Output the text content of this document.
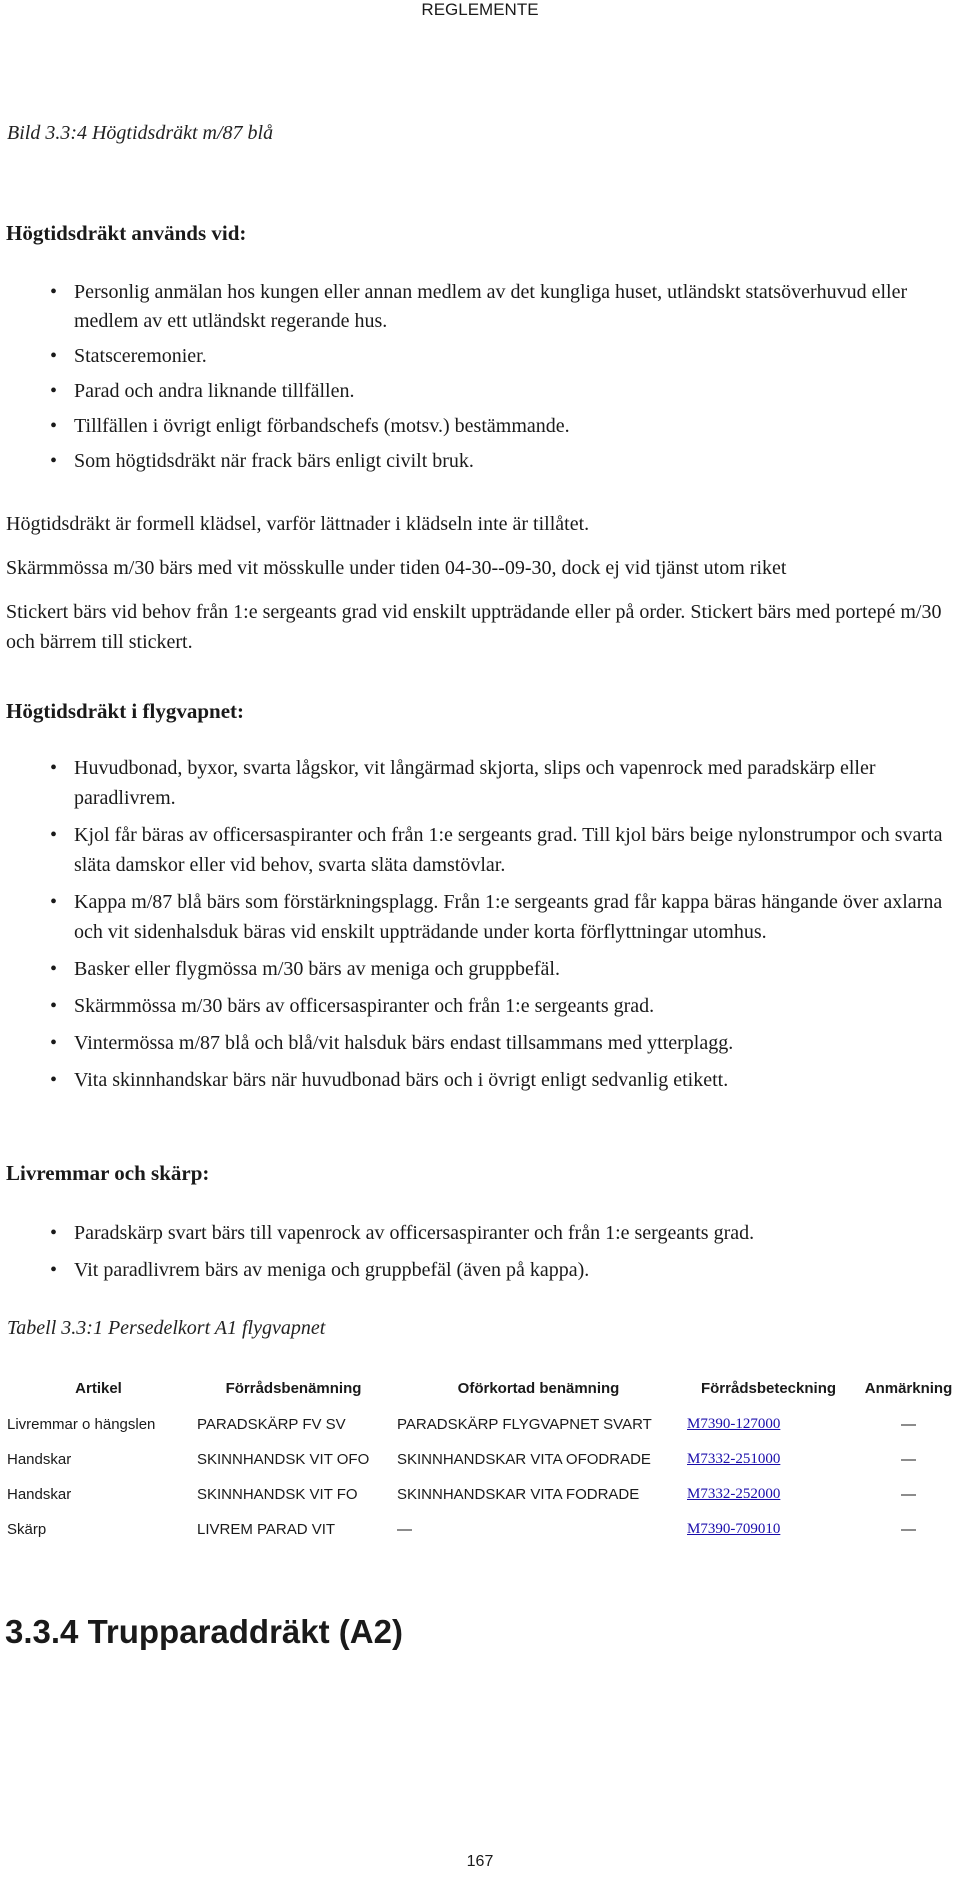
REGLEMENTE
Bild 3.3:4 Högtidsdräkt m/87 blå
Högtidsdräkt används vid:
• Personlig anmälan hos kungen eller annan medlem av det kungliga huset, utländskt statsöverhuvud eller medlem av ett utländskt regerande hus.
• Statsceremonier.
• Parad och andra liknande tillfällen.
• Tillfällen i övrigt enligt förbandschefs (motsv.) bestämmande.
• Som högtidsdräkt när frack bärs enligt civilt bruk.
Högtidsdräkt är formell klädsel, varför lättnader i klädseln inte är tillåtet.
Skärmmössa m/30 bärs med vit mösskulle under tiden 04-30--09-30, dock ej vid tjänst utom riket
Stickert bärs vid behov från 1:e sergeants grad vid enskilt uppträdande eller på order. Stickert bärs med portepé m/30 och bärrem till stickert.
Högtidsdräkt i flygvapnet:
• Huvudbonad, byxor, svarta lågskor, vit långärmad skjorta, slips och vapenrock med paradskärp eller paradlivrem.
• Kjol får bäras av officersaspiranter och från 1:e sergeants grad. Till kjol bärs beige nylonstrumpor och svarta släta damskor eller vid behov, svarta släta damstövlar.
• Kappa m/87 blå bärs som förstärkningsplagg. Från 1:e sergeants grad får kappa bäras hängande över axlarna och vit sidenhalsduk bäras vid enskilt uppträdande under korta förflyttningar utomhus.
• Basker eller flygmössa m/30 bärs av meniga och gruppbefäl.
• Skärmmössa m/30 bärs av officersaspiranter och från 1:e sergeants grad.
• Vintermössa m/87 blå och blå/vit halsduk bärs endast tillsammans med ytterplagg.
• Vita skinnhandskar bärs när huvudbonad bärs och i övrigt enligt sedvanlig etikett.
Livremmar och skärp:
• Paradskärp svart bärs till vapenrock av officersaspiranter och från 1:e sergeants grad.
• Vit paradlivrem bärs av meniga och gruppbefäl (även på kappa).
Tabell 3.3:1 Persedelkort A1 flygvapnet
Artikel	Förrådsbenämning	Oförkortad benämning	Förrådsbeteckning	Anmärkning
Livremmar o hängslen	PARADSKÄRP FV SV	PARADSKÄRP FLYGVAPNET SVART	M7390-127000	—
Handskar	SKINNHANDSK VIT OFO	SKINNHANDSKAR VITA OFODRADE	M7332-251000	—
Handskar	SKINNHANDSK VIT FO	SKINNHANDSKAR VITA FODRADE	M7332-252000	—
Skärp	LIVREM PARAD VIT	—	M7390-709010	—
3.3.4 Trupparaddräkt (A2)
167
